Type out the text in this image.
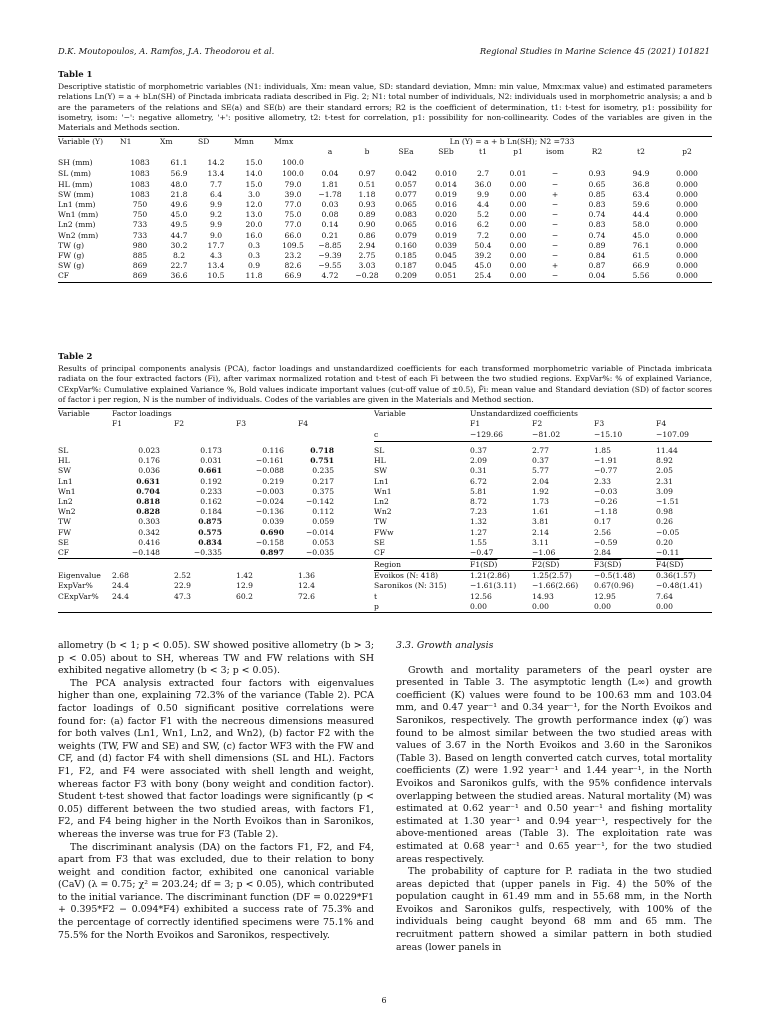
D.K. Moutopoulos, A. Ramfos, J.A. Theodorou et al.	Regional Studies in Marine Science 45 (2021) 101821
Table 1
Descriptive statistic of morphometric variables (N1: individuals, Xm: mean value, SD: standard deviation, Mmn: min value, Mmx:max value) and estimated parameters relations Ln(Y) = a + bLn(SH) of Pinctada imbricata radiata described in Fig. 2; N1: total number of individuals, N2: individuals used in morphometric analysis; a and b are the parameters of the relations and SE(a) and SE(b) are their standard errors; R2 is the coefficient of determination, t1: t-test for isometry, p1: possibility for isometry, isom: '−': negative allometry, '+': positive allometry, t2: t-test for correlation, p1: possibility for non-collinearity. Codes of the variables are given in the Materials and Methods section.
Variable (Y)	N1	Xm	SD	Mmn	Mmx	Ln (Y) = a + b Ln(SH); N2 =733									
						a	b	SEa	SEb	t1	p1	isom	R2	t2	p2
SH (mm)	1083	61.1	14.2	15.0	100.0										
SL (mm)	1083	56.9	13.4	14.0	100.0	0.04	0.97	0.042	0.010	2.7	0.01	−	0.93	94.9	0.000
HL (mm)	1083	48.0	7.7	15.0	79.0	1.81	0.51	0.057	0.014	36.0	0.00	−	0.65	36.8	0.000
SW (mm)	1083	21.8	6.4	3.0	39.0	−1.78	1.18	0.077	0.019	9.9	0.00	+	0.85	63.4	0.000
Ln1 (mm)	750	49.6	9.9	12.0	77.0	0.03	0.93	0.065	0.016	4.4	0.00	−	0.83	59.6	0.000
Wn1 (mm)	750	45.0	9.2	13.0	75.0	0.08	0.89	0.083	0.020	5.2	0.00	−	0.74	44.4	0.000
Ln2 (mm)	733	49.5	9.9	20.0	77.0	0.14	0.90	0.065	0.016	6.2	0.00	−	0.83	58.0	0.000
Wn2 (mm)	733	44.7	9.0	16.0	66.0	0.21	0.86	0.079	0.019	7.2	0.00	−	0.74	45.0	0.000
TW (g)	980	30.2	17.7	0.3	109.5	−8.85	2.94	0.160	0.039	50.4	0.00	−	0.89	76.1	0.000
FW (g)	885	8.2	4.3	0.3	23.2	−9.39	2.75	0.185	0.045	39.2	0.00	−	0.84	61.5	0.000
SW (g)	869	22.7	13.4	0.9	82.6	−9.55	3.03	0.187	0.045	45.0	0.00	+	0.87	66.9	0.000
CF	869	36.6	10.5	11.8	66.9	4.72	−0.28	0.209	0.051	25.4	0.00	−	0.04	5.56	0.000
Table 2
Results of principal components analysis (PCA), factor loadings and unstandardized coefficients for each transformed morphometric variable of Pinctada imbricata radiata on the four extracted factors (Fi), after varimax normalized rotation and t-test of each Fi between the two studied regions. ExpVar%: % of explained Variance, CExpVar%: Cumulative explained Variance %, Bold values indicate important values (cut-off value of ±0.5), F̄i: mean value and Standard deviation (SD) of factor scores of factor i per region, N is the number of individuals. Codes of the variables are given in the Materials and Method section.
Variable	Factor loadings					Variable	Unstandardized coefficients			
	F1	F2	F3	F4			F1	F2	F3	F4
						c	−129.66	−81.02	−15.10	−107.09

SL	0.023	0.173	0.116	0.718		SL	0.37	2.77	1.85	11.44
HL	0.176	0.031	−0.161	0.751		HL	2.09	0.37	−1.91	8.92
SW	0.036	0.661	−0.088	0.235		SW	0.31	5.77	−0.77	2.05
Ln1	0.631	0.192	0.219	0.217		Ln1	6.72	2.04	2.33	2.31
Wn1	0.704	0.233	−0.003	0.375		Wn1	5.81	1.92	−0.03	3.09
Ln2	0.818	0.162	−0.024	−0.142		Ln2	8.72	1.73	−0.26	−1.51
Wn2	0.828	0.184	−0.136	0.112		Wn2	7.23	1.61	−1.18	0.98
TW	0.303	0.875	0.039	0.059		TW	1.32	3.81	0.17	0.26
FW	0.342	0.575	0.690	−0.014		FWw	1.27	2.14	2.56	−0.05
SE	0.416	0.834	−0.158	0.053		SE	1.55	3.11	−0.59	0.20
CF	−0.148	−0.335	0.897	−0.035		CF	−0.47	−1.06	2.84	−0.11
						Region	F1(SD)	F2(SD)	F3(SD)	F4(SD)
Eigenvalue	2.68	2.52	1.42	1.36		Evoikos (N: 418)	1.21(2.86)	1.25(2.57)	−0.5(1.48)	0.36(1.57)
ExpVar%	24.4	22.9	12.9	12.4		Saronikos (N: 315)	−1.61(3.11)	−1.66(2.66)	0.67(0.96)	−0.48(1.41)
CExpVar%	24.4	47.3	60.2	72.6		t	12.56	14.93	12.95	7.64
						p	0.00	0.00	0.00	0.00

allometry (b < 1; p < 0.05). SW showed positive allometry (b > 3; p < 0.05) about to SH, whereas TW and FW relations with SH exhibited negative allometry (b < 3; p < 0.05).

The PCA analysis extracted four factors with eigenvalues higher than one, explaining 72.3% of the variance (Table 2). PCA factor loadings of 0.50 significant positive correlations were found for: (a) factor F1 with the necreous dimensions measured for both valves (Ln1, Wn1, Ln2, and Wn2), (b) factor F2 with the weights (TW, FW and SE) and SW, (c) factor WF3 with the FW and CF, and (d) factor F4 with shell dimensions (SL and HL). Factors F1, F2, and F4 were associated with shell length and weight, whereas factor F3 with bony (bony weight and condition factor). Student t-test showed that factor loadings were significantly (p < 0.05) different between the two studied areas, with factors F1, F2, and F4 being higher in the North Evoikos than in Saronikos, whereas the inverse was true for F3 (Table 2).

The discriminant analysis (DA) on the factors F1, F2, and F4, apart from F3 that was excluded, due to their relation to bony weight and condition factor, exhibited one canonical variable (CaV) (λ = 0.75; χ² = 203.24; df = 3; p < 0.05), which contributed to the initial variance. The discriminant function (DF = 0.0229*F1 + 0.395*F2 − 0.094*F4) exhibited a success rate of 75.3% and the percentage of correctly identified specimens were 75.1% and 75.5% for the North Evoikos and Saronikos, respectively.

3.3. Growth analysis

Growth and mortality parameters of the pearl oyster are presented in Table 3. The asymptotic length (L∞) and growth coefficient (K) values were found to be 100.63 mm and 103.04 mm, and 0.47 year⁻¹ and 0.34 year⁻¹, for the North Evoikos and Saronikos, respectively. The growth performance index (φ′) was found to be almost similar between the two studied areas with values of 3.67 in the North Evoikos and 3.60 in the Saronikos (Table 3). Based on length converted catch curves, total mortality coefficients (Z) were 1.92 year⁻¹ and 1.44 year⁻¹, in the North Evoikos and Saronikos gulfs, with the 95% confidence intervals overlapping between the studied areas. Natural mortality (M) was estimated at 0.62 year⁻¹ and 0.50 year⁻¹ and fishing mortality estimated at 1.30 year⁻¹ and 0.94 year⁻¹, respectively for the above-mentioned areas (Table 3). The exploitation rate was estimated at 0.68 year⁻¹ and 0.65 year⁻¹, for the two studied areas respectively.

The probability of capture for P. radiata in the two studied areas depicted that (upper panels in Fig. 4) the 50% of the population caught in 61.49 mm and in 55.68 mm, in the North Evoikos and Saronikos gulfs, respectively, with 100% of the individuals being caught beyond 68 mm and 65 mm. The recruitment pattern showed a similar pattern in both studied areas (lower panels in

6
